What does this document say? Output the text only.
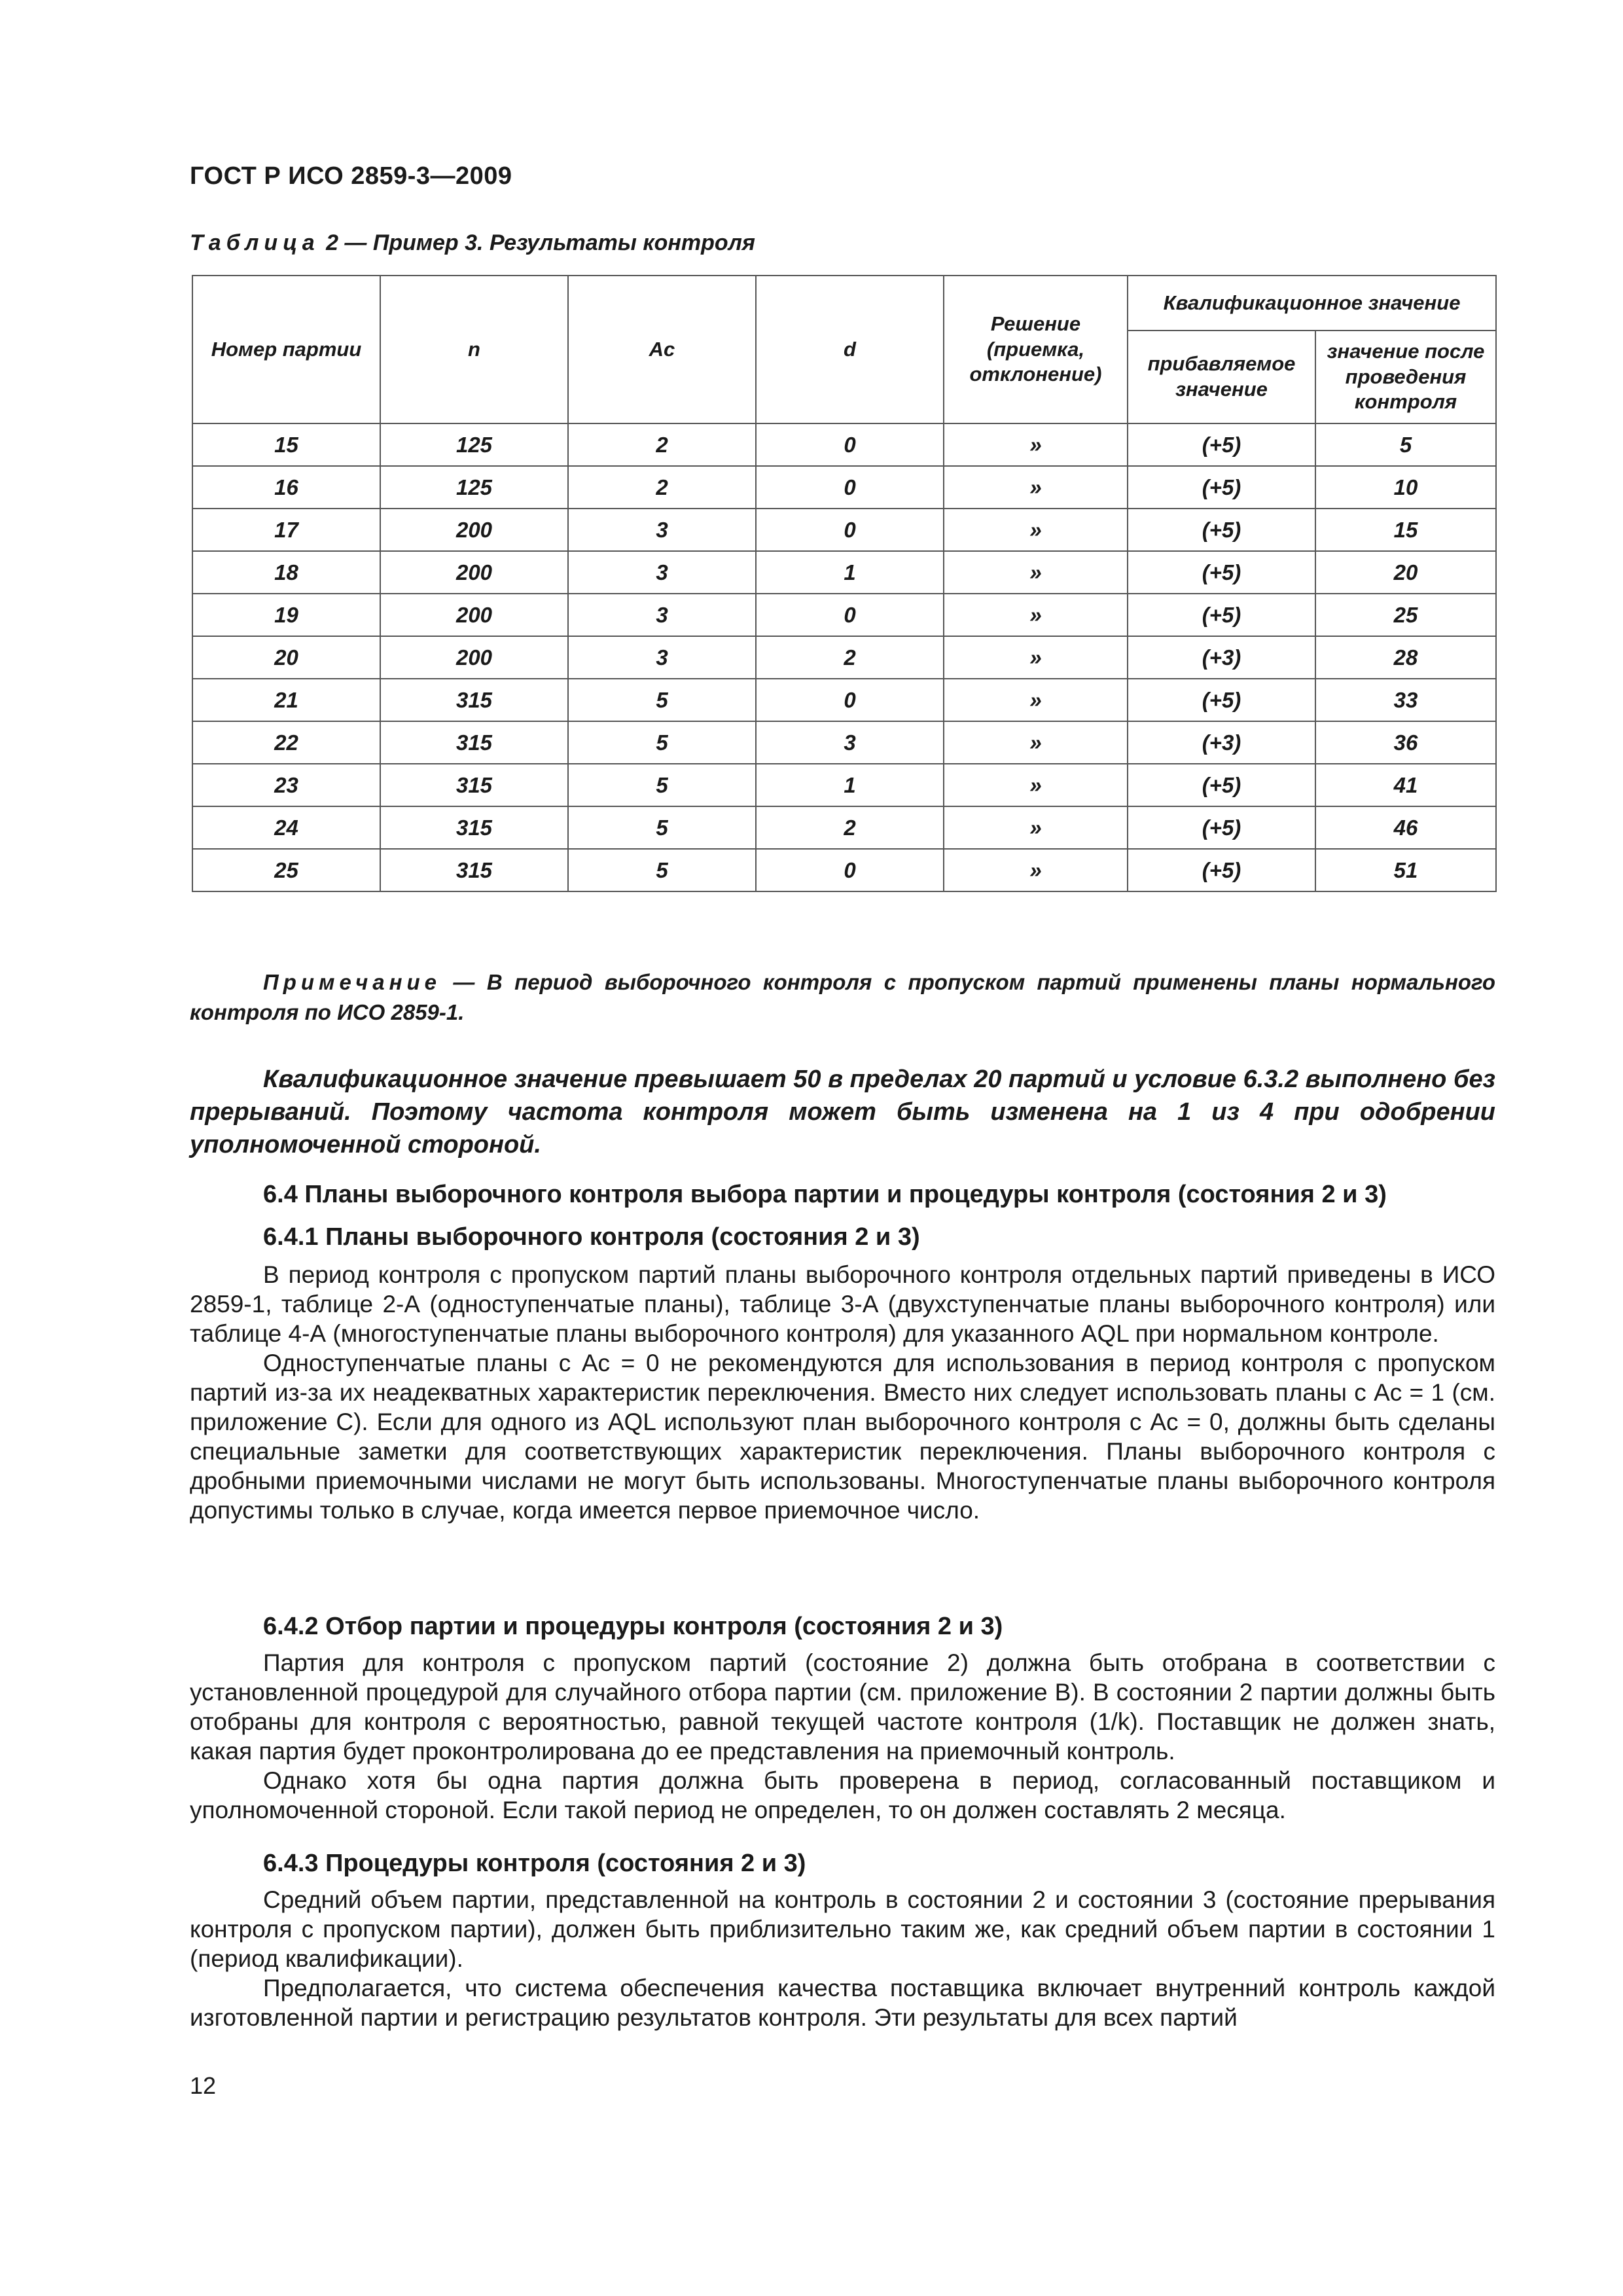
ГОСТ Р ИСО 2859-3—2009
Таблица 2 — Пример 3. Результаты контроля
Номер партии	n	Ac	d	Решение (приемка, отклонение)	Квалификационное значение	
					прибавляемое значение	значение после проведения контроля
15	125	2	0	»	(+5)	5
16	125	2	0	»	(+5)	10
17	200	3	0	»	(+5)	15
18	200	3	1	»	(+5)	20
19	200	3	0	»	(+5)	25
20	200	3	2	»	(+3)	28
21	315	5	0	»	(+5)	33
22	315	5	3	»	(+3)	36
23	315	5	1	»	(+5)	41
24	315	5	2	»	(+5)	46
25	315	5	0	»	(+5)	51
Примечание — В период выборочного контроля с пропуском партий применены планы нормального контроля по ИСО 2859-1.
Квалификационное значение превышает 50 в пределах 20 партий и условие 6.3.2 выполнено без прерываний. Поэтому частота контроля может быть изменена на 1 из 4 при одобрении уполномоченной стороной.
6.4 Планы выборочного контроля выбора партии и процедуры контроля (состояния 2 и 3)
6.4.1 Планы выборочного контроля (состояния 2 и 3)

В период контроля с пропуском партий планы выборочного контроля отдельных партий приведены в ИСО 2859-1, таблице 2-А (одноступенчатые планы), таблице 3-А (двухступенчатые планы выборочного контроля) или таблице 4-А (многоступенчатые планы выборочного контроля) для указанного AQL при нормальном контроле.

Одноступенчатые планы с Ac = 0 не рекомендуются для использования в период контроля с пропуском партий из-за их неадекватных характеристик переключения. Вместо них следует использовать планы с Ac = 1 (см. приложение С). Если для одного из AQL используют план выборочного контроля с Ac = 0, должны быть сделаны специальные заметки для соответствующих характеристик переключения. Планы выборочного контроля с дробными приемочными числами не могут быть использованы. Многоступенчатые планы выборочного контроля допустимы только в случае, когда имеется первое приемочное число.

6.4.2 Отбор партии и процедуры контроля (состояния 2 и 3)

Партия для контроля с пропуском партий (состояние 2) должна быть отобрана в соответствии с установленной процедурой для случайного отбора партии (см. приложение В). В состоянии 2 партии должны быть отобраны для контроля с вероятностью, равной текущей частоте контроля (1/k). Поставщик не должен знать, какая партия будет проконтролирована до ее представления на приемочный контроль.

Однако хотя бы одна партия должна быть проверена в период, согласованный поставщиком и уполномоченной стороной. Если такой период не определен, то он должен составлять 2 месяца.

6.4.3 Процедуры контроля (состояния 2 и 3)

Средний объем партии, представленной на контроль в состоянии 2 и состоянии 3 (состояние прерывания контроля с пропуском партии), должен быть приблизительно таким же, как средний объем партии в состоянии 1 (период квалификации).

Предполагается, что система обеспечения качества поставщика включает внутренний контроль каждой изготовленной партии и регистрацию результатов контроля. Эти результаты для всех партий

12
